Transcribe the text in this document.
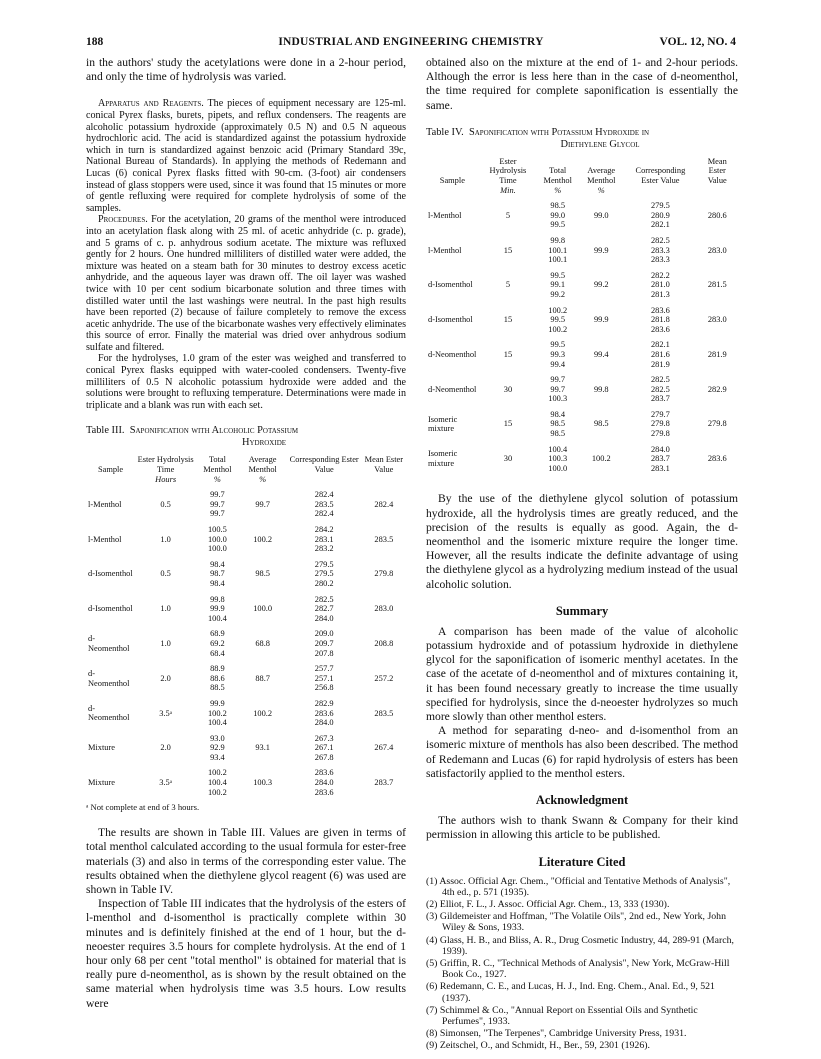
188	INDUSTRIAL AND ENGINEERING CHEMISTRY	VOL. 12, NO. 4

in the authors' study the acetylations were done in a 2-hour period, and only the time of hydrolysis was varied.

Apparatus and Reagents. The pieces of equipment necessary are 125-ml. conical Pyrex flasks, burets, pipets, and reflux condensers. The reagents are alcoholic potassium hydroxide (approximately 0.5 N) and 0.5 N aqueous hydrochloric acid. The acid is standardized against the potassium hydroxide which in turn is standardized against benzoic acid (Primary Standard 39c, National Bureau of Standards). In applying the methods of Redemann and Lucas (6) conical Pyrex flasks fitted with 90-cm. (3-foot) air condensers instead of glass stoppers were used, since it was found that 15 minutes or more of gentle refluxing were required for complete hydrolysis of some of the samples.

Procedures. For the acetylation, 20 grams of the menthol were introduced into an acetylation flask along with 25 ml. of acetic anhydride (c. p. grade), and 5 grams of c. p. anhydrous sodium acetate. The mixture was refluxed gently for 2 hours. One hundred milliliters of distilled water were added, the mixture was heated on a steam bath for 30 minutes to destroy excess acetic anhydride, and the aqueous layer was drawn off. The oil layer was washed twice with 10 per cent sodium bicarbonate solution and three times with distilled water until the last washings were neutral. In the past high results have been reported (2) because of failure completely to remove the excess acetic anhydride. The use of the bicarbonate washes very effectively eliminates this source of error. Finally the material was dried over anhydrous sodium sulfate and filtered.

For the hydrolyses, 1.0 gram of the ester was weighed and transferred to conical Pyrex flasks equipped with water-cooled condensers. Twenty-five milliliters of 0.5 N alcoholic potassium hydroxide were added and the solutions were brought to refluxing temperature. Determinations were made in triplicate and a blank was run with each set.

Table III. Saponification with Alcoholic Potassium
Hydroxide
Sample	Ester Hydrolysis Time	Total Menthol	Average Menthol	Corresponding Ester Value	Mean Ester Value
	Hours	%	%		
l-Menthol	0.5	99.7
99.7
99.7	99.7	282.4
283.5
282.4	282.4
l-Menthol	1.0	100.5
100.0
100.0	100.2	284.2
283.1
283.2	283.5
d-Isomenthol	0.5	98.4
98.7
98.4	98.5	279.5
279.5
280.2	279.8
d-Isomenthol	1.0	99.8
99.9
100.4	100.0	282.5
282.7
284.0	283.0
d-Neomenthol	1.0	68.9
69.2
68.4	68.8	209.0
209.7
207.8	208.8
d-Neomenthol	2.0	88.9
88.6
88.5	88.7	257.7
257.1
256.8	257.2
d-Neomenthol	3.5ᵃ	99.9
100.2
100.4	100.2	282.9
283.6
284.0	283.5
Mixture	2.0	93.0
92.9
93.4	93.1	267.3
267.1
267.8	267.4
Mixture	3.5ᵃ	100.2
100.4
100.2	100.3	283.6
284.0
283.6	283.7
ᵃ Not complete at end of 3 hours.

The results are shown in Table III. Values are given in terms of total menthol calculated according to the usual formula for ester-free materials (3) and also in terms of the corresponding ester value. The results obtained when the diethylene glycol reagent (6) was used are shown in Table IV.

Inspection of Table III indicates that the hydrolysis of the esters of l-menthol and d-isomenthol is practically complete within 30 minutes and is definitely finished at the end of 1 hour, but the d-neoester requires 3.5 hours for complete hydrolysis. At the end of 1 hour only 68 per cent "total menthol" is obtained for material that is really pure d-neomenthol, as is shown by the result obtained on the same material when hydrolysis time was 3.5 hours. Low results were

obtained also on the mixture at the end of 1- and 2-hour periods. Although the error is less here than in the case of d-neomenthol, the time required for complete saponification is essentially the same.

Table IV. Saponification with Potassium Hydroxide in
Diethylene Glycol
Sample	Ester Hydrolysis Time	Total Menthol	Average Menthol	Corresponding Ester Value	Mean Ester Value
	Min.	%	%		
l-Menthol	5	98.5
99.0
99.5	99.0	279.5
280.9
282.1	280.6
l-Menthol	15	99.8
100.1
100.1	99.9	282.5
283.3
283.3	283.0
d-Isomenthol	5	99.5
99.1
99.2	99.2	282.2
281.0
281.3	281.5
d-Isomenthol	15	100.2
99.5
100.2	99.9	283.6
281.8
283.6	283.0
d-Neomenthol	15	99.5
99.3
99.4	99.4	282.1
281.6
281.9	281.9
d-Neomenthol	30	99.7
99.7
100.3	99.8	282.5
282.5
283.7	282.9
Isomeric mixture	15	98.4
98.5
98.5	98.5	279.7
279.8
279.8	279.8
Isomeric mixture	30	100.4
100.3
100.0	100.2	284.0
283.7
283.1	283.6

By the use of the diethylene glycol solution of potassium hydroxide, all the hydrolysis times are greatly reduced, and the precision of the results is equally as good. Again, the d-neomenthol and the isomeric mixture require the longer time. However, all the results indicate the definite advantage of using the diethylene glycol as a hydrolyzing medium instead of the usual alcoholic solution.

Summary

A comparison has been made of the value of alcoholic potassium hydroxide and of potassium hydroxide in diethylene glycol for the saponification of isomeric menthyl acetates. In the case of the acetate of d-neomenthol and of mixtures containing it, it has been found necessary greatly to increase the time usually specified for hydrolysis, since the d-neoester hydrolyzes so much more slowly than other menthol esters.

A method for separating d-neo- and d-isomenthol from an isomeric mixture of menthols has also been described. The method of Redemann and Lucas (6) for rapid hydrolysis of esters has been satisfactorily applied to the menthol esters.

Acknowledgment

The authors wish to thank Swann & Company for their kind permission in allowing this article to be published.

Literature Cited
(1) Assoc. Official Agr. Chem., "Official and Tentative Methods of Analysis", 4th ed., p. 571 (1935).
(2) Elliot, F. L., J. Assoc. Official Agr. Chem., 13, 333 (1930).
(3) Gildemeister and Hoffman, "The Volatile Oils", 2nd ed., New York, John Wiley & Sons, 1933.
(4) Glass, H. B., and Bliss, A. R., Drug Cosmetic Industry, 44, 289-91 (March, 1939).
(5) Griffin, R. C., "Technical Methods of Analysis", New York, McGraw-Hill Book Co., 1927.
(6) Redemann, C. E., and Lucas, H. J., Ind. Eng. Chem., Anal. Ed., 9, 521 (1937).
(7) Schimmel & Co., "Annual Report on Essential Oils and Synthetic Perfumes", 1933.
(8) Simonsen, "The Terpenes", Cambridge University Press, 1931.
(9) Zeitschel, O., and Schmidt, H., Ber., 59, 2301 (1926).
